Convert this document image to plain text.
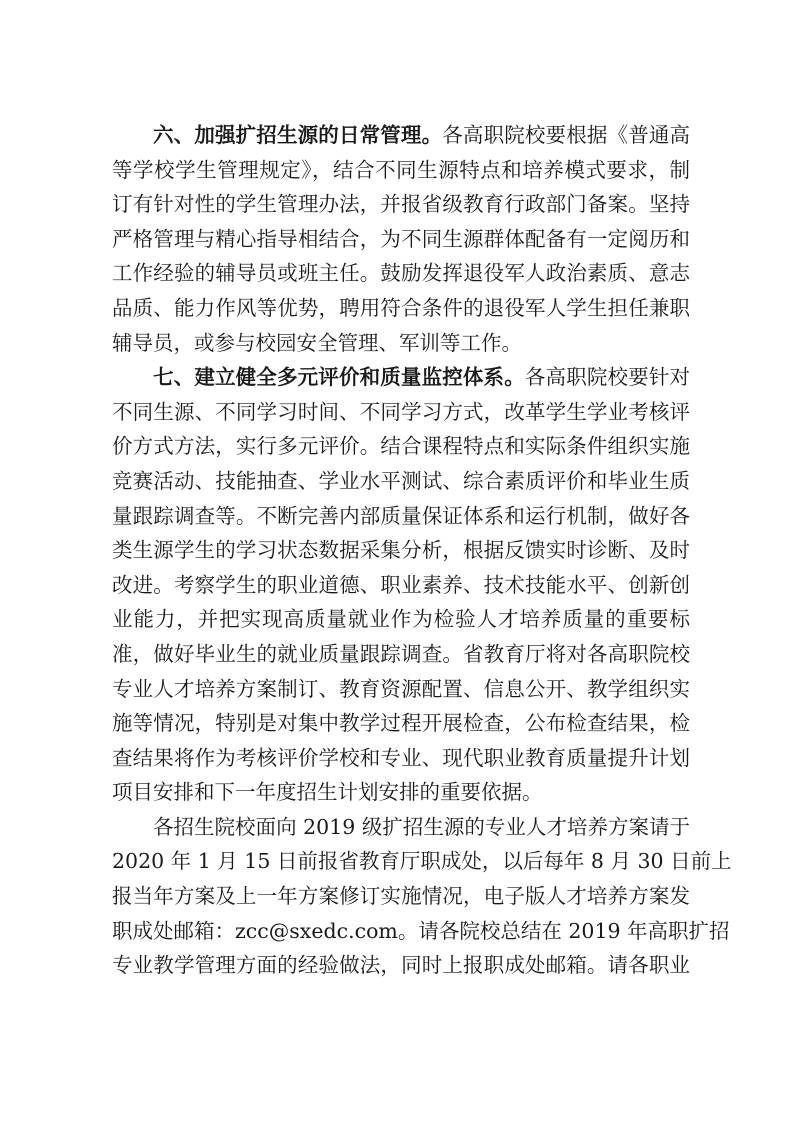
六、加强扩招生源的日常管理。各高职院校要根据《普通高
等学校学生管理规定》，结合不同生源特点和培养模式要求，制
订有针对性的学生管理办法，并报省级教育行政部门备案。坚持
严格管理与精心指导相结合，为不同生源群体配备有一定阅历和
工作经验的辅导员或班主任。鼓励发挥退役军人政治素质、意志
品质、能力作风等优势，聘用符合条件的退役军人学生担任兼职
辅导员，或参与校园安全管理、军训等工作。

七、建立健全多元评价和质量监控体系。各高职院校要针对
不同生源、不同学习时间、不同学习方式，改革学生学业考核评
价方式方法，实行多元评价。结合课程特点和实际条件组织实施
竞赛活动、技能抽查、学业水平测试、综合素质评价和毕业生质
量跟踪调查等。不断完善内部质量保证体系和运行机制，做好各
类生源学生的学习状态数据采集分析，根据反馈实时诊断、及时
改进。考察学生的职业道德、职业素养、技术技能水平、创新创
业能力，并把实现高质量就业作为检验人才培养质量的重要标
准，做好毕业生的就业质量跟踪调查。省教育厅将对各高职院校
专业人才培养方案制订、教育资源配置、信息公开、教学组织实
施等情况，特别是对集中教学过程开展检查，公布检查结果，检
查结果将作为考核评价学校和专业、现代职业教育质量提升计划
项目安排和下一年度招生计划安排的重要依据。

各招生院校面向 2019 级扩招生源的专业人才培养方案请于
2020 年 1 月 15 日前报省教育厅职成处，以后每年 8 月 30 日前上
报当年方案及上一年方案修订实施情况，电子版人才培养方案发
职成处邮箱：zcc@sxedc.com。请各院校总结在 2019 年高职扩招
专业教学管理方面的经验做法，同时上报职成处邮箱。请各职业
